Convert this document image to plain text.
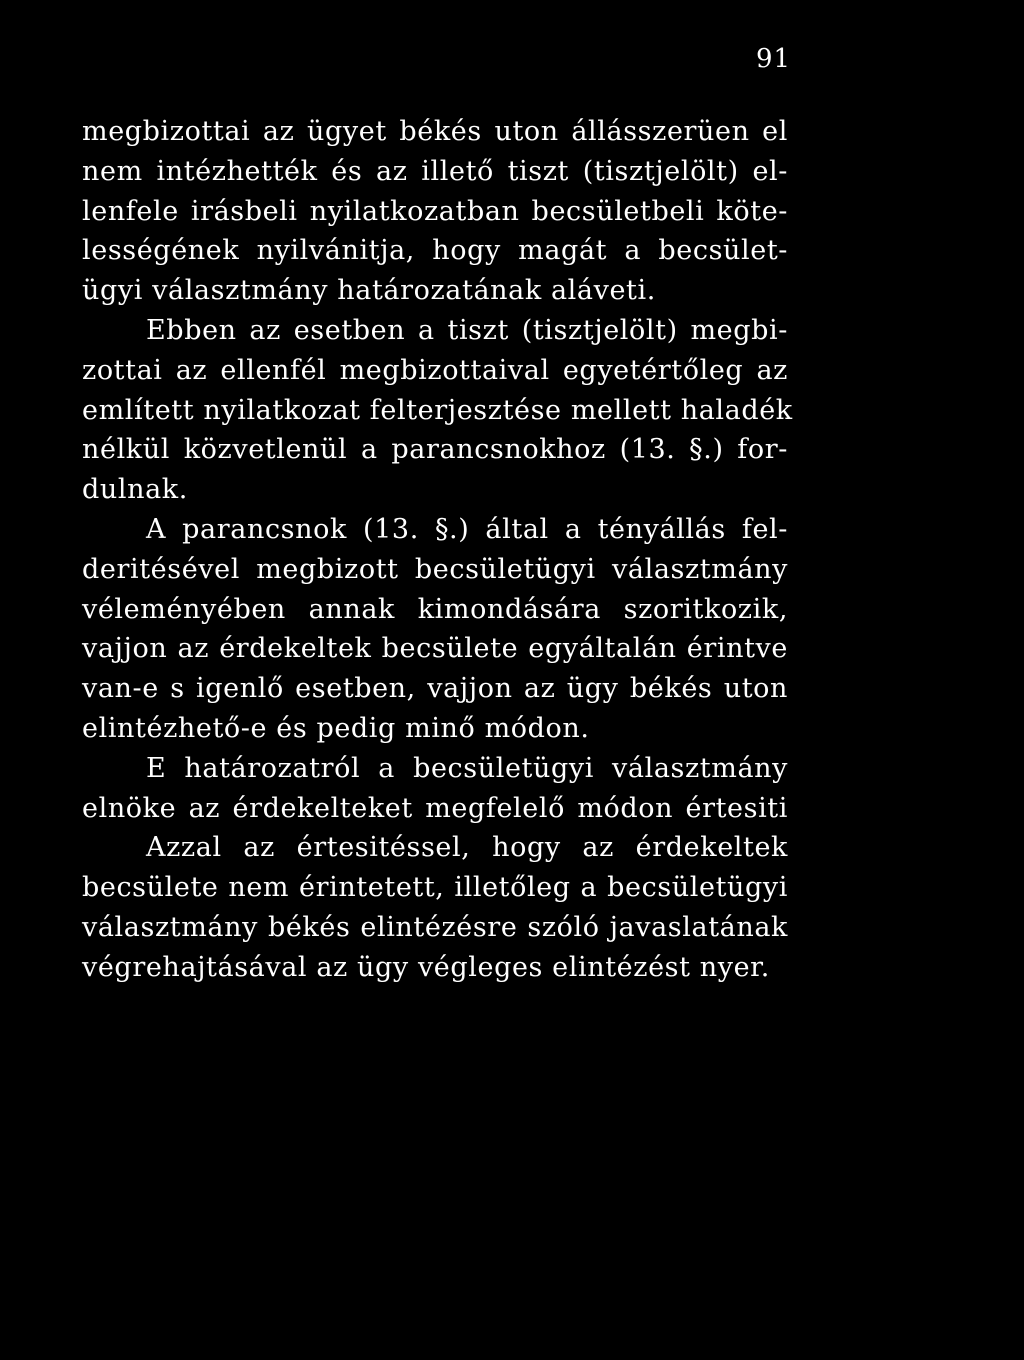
91
megbizottai az ügyet békés uton állásszerüen el
nem intézhették és az illető tiszt (tisztjelölt) el-
lenfele irásbeli nyilatkozatban becsületbeli köte-
lességének nyilvánitja, hogy magát a becsület-
ügyi választmány határozatának aláveti.
Ebben az esetben a tiszt (tisztjelölt) megbi-
zottai az ellenfél megbizottaival egyetértőleg az
említett nyilatkozat felterjesztése mellett haladék
nélkül közvetlenül a parancsnokhoz (13. §.) for-
dulnak.
A parancsnok (13. §.) által a tényállás fel-
deritésével megbizott becsületügyi választmány
véleményében annak kimondására szoritkozik,
vajjon az érdekeltek becsülete egyáltalán érintve
van-e s igenlő esetben, vajjon az ügy békés uton
elintézhető-e és pedig minő módon.
E határozatról a becsületügyi választmány
elnöke az érdekelteket megfelelő módon értesiti
Azzal az értesitéssel, hogy az érdekeltek
becsülete nem érintetett, illetőleg a becsületügyi
választmány békés elintézésre szóló javaslatának
végrehajtásával az ügy végleges elintézést nyer.
